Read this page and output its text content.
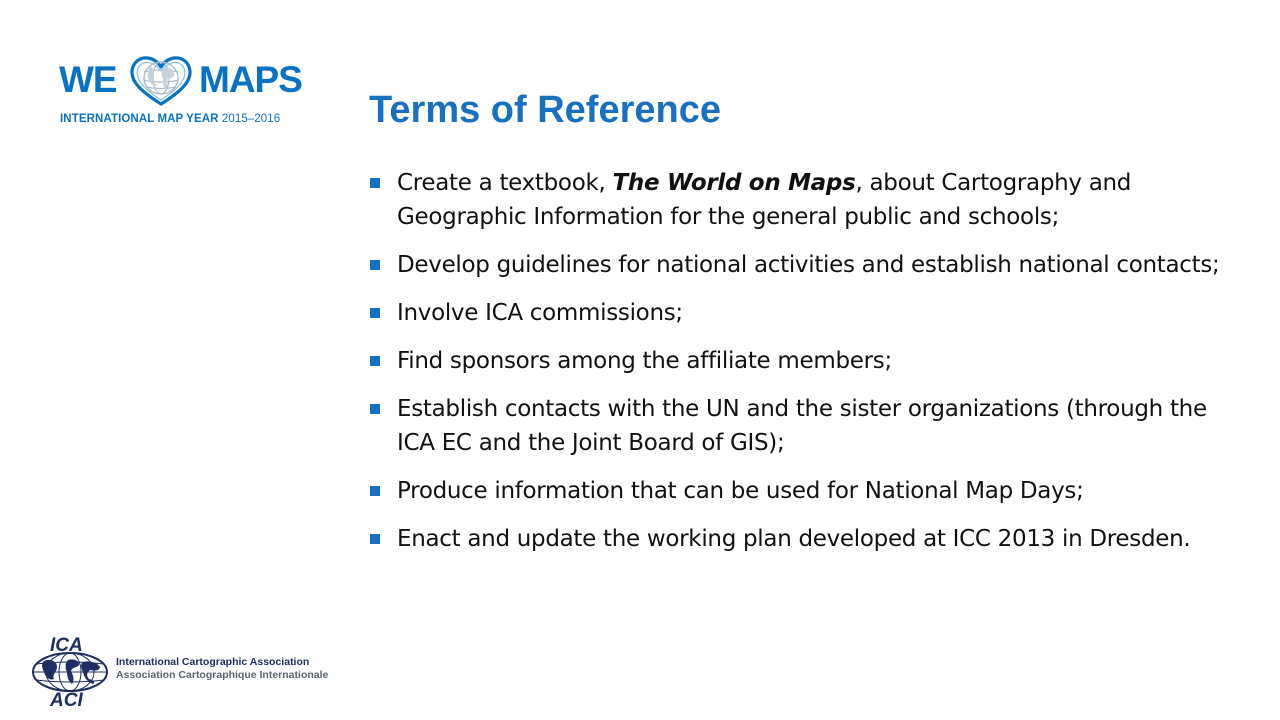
WE MAPS
INTERNATIONAL MAP YEAR 2015–2016 Terms of Reference
Create a textbook, The World on Maps, about Cartography and Geographic Information for the general public and schools;
Develop guidelines for national activities and establish national contacts;
Involve ICA commissions;
Find sponsors among the affiliate members;
Establish contacts with the UN and the sister organizations (through the ICA EC and the Joint Board of GIS);
Produce information that can be used for National Map Days;
Enact and update the working plan developed at ICC 2013 in Dresden.
ICA
ACI
International Cartographic Association
Association Cartographique Internationale
